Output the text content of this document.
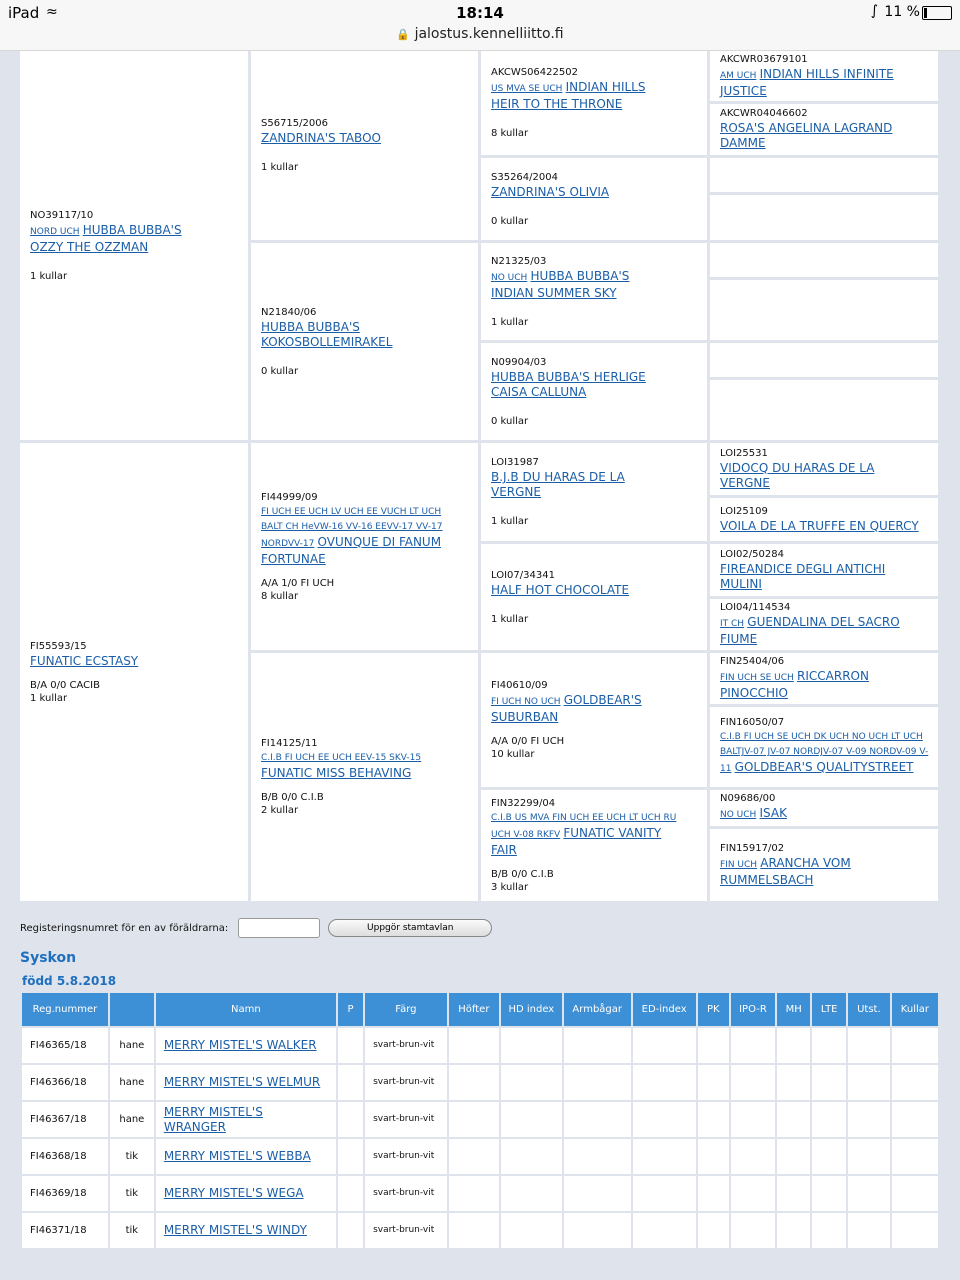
iPad ≈	18:14	∫ 11 %
🔒 jalostus.kennelliitto.fi
NO39117/10
NORD UCH HUBBA BUBBA'S OZZY THE OZZMAN
1 kullar
FI55593/15
FUNATIC ECSTASY
B/A 0/0 CACIB
1 kullar
S56715/2006
ZANDRINA'S TABOO
1 kullar
N21840/06
HUBBA BUBBA'S KOKOSBOLLEMIRAKEL
0 kullar
FI44999/09
FI UCH EE UCH LV UCH EE VUCH LT UCH BALT CH HeVW-16 VV-16 EEVV-17 VV-17 NORDVV-17 OVUNQUE DI FANUM FORTUNAE
A/A 1/0 FI UCH
8 kullar
FI14125/11
C.I.B FI UCH EE UCH EEV-15 SKV-15 FUNATIC MISS BEHAVING
B/B 0/0 C.I.B
2 kullar
AKCWS06422502
US MVA SE UCH INDIAN HILLS HEIR TO THE THRONE
8 kullar
S35264/2004
ZANDRINA'S OLIVIA
0 kullar
N21325/03
NO UCH HUBBA BUBBA'S INDIAN SUMMER SKY
1 kullar
N09904/03
HUBBA BUBBA'S HERLIGE CAISA CALLUNA
0 kullar
LOI31987
B.J.B DU HARAS DE LA VERGNE
1 kullar
LOI07/34341
HALF HOT CHOCOLATE
1 kullar
FI40610/09
FI UCH NO UCH GOLDBEAR'S SUBURBAN
A/A 0/0 FI UCH
10 kullar
FIN32299/04
C.I.B US MVA FIN UCH EE UCH LT UCH RU UCH V-08 RKFV FUNATIC VANITY FAIR
B/B 0/0 C.I.B
3 kullar
AKCWR03679101
AM UCH INDIAN HILLS INFINITE JUSTICE
AKCWR04046602
ROSA'S ANGELINA LAGRAND DAMME
LOI25531
VIDOCQ DU HARAS DE LA VERGNE
LOI25109
VOILA DE LA TRUFFE EN QUERCY
LOI02/50284
FIREANDICE DEGLI ANTICHI MULINI
LOI04/114534
IT CH GUENDALINA DEL SACRO FIUME
FIN25404/06
FIN UCH SE UCH RICCARRON PINOCCHIO
FIN16050/07
C.I.B FI UCH SE UCH DK UCH NO UCH LT UCH BALTJV-07 JV-07 NORDJV-07 V-09 NORDV-09 V-11 GOLDBEAR'S QUALITYSTREET
N09686/00
NO UCH ISAK
FIN15917/02
FIN UCH ARANCHA VOM RUMMELSBACH
Registeringsnumret för en av föräldrarna:	Uppgör stamtavlan
Syskon
född 5.8.2018
Reg.nummer		Namn	P	Färg	Höfter	HD index	Armbågar	ED-index	PK	IPO-R	MH	LTE	Utst.	Kullar
FI46365/18	hane	MERRY MISTEL'S WALKER		svart-brun-vit										
FI46366/18	hane	MERRY MISTEL'S WELMUR		svart-brun-vit										
FI46367/18	hane	MERRY MISTEL'S WRANGER		svart-brun-vit										
FI46368/18	tik	MERRY MISTEL'S WEBBA		svart-brun-vit										
FI46369/18	tik	MERRY MISTEL'S WEGA		svart-brun-vit										
FI46371/18	tik	MERRY MISTEL'S WINDY		svart-brun-vit										
